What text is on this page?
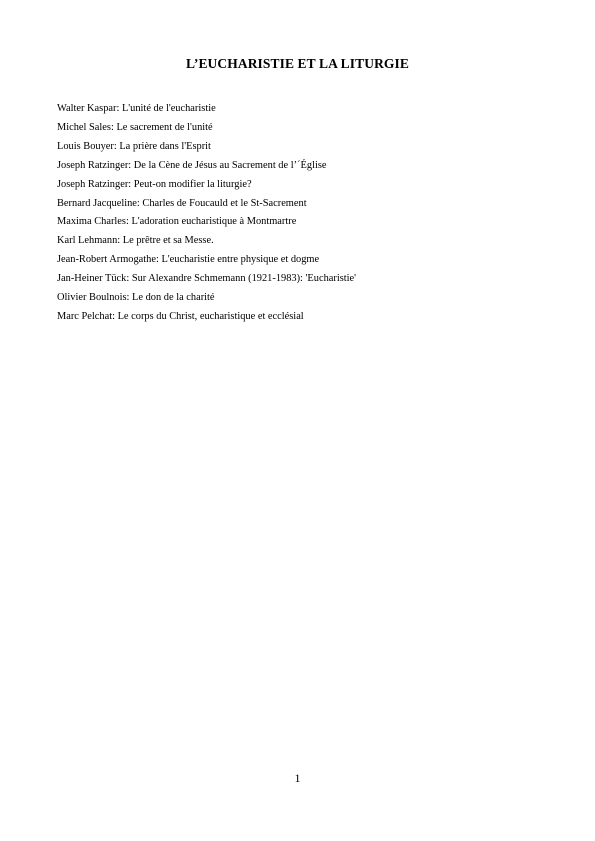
L’EUCHARISTIE ET LA LITURGIE
Walter Kaspar: L'unité de l'eucharistie
Michel Sales: Le sacrement de l'unité
Louis Bouyer: La prière dans l'Esprit
Joseph Ratzinger: De la Cène de Jésus au Sacrement de l’´Église
Joseph Ratzinger: Peut-on modifier la liturgie?
Bernard Jacqueline: Charles de Foucauld et le St-Sacrement
Maxima Charles: L'adoration eucharistique à Montmartre
Karl Lehmann: Le prêtre et sa Messe.
Jean-Robert Armogathe: L'eucharistie entre physique et dogme
Jan-Heiner Tück: Sur Alexandre Schmemann (1921-1983): 'Eucharistie'
Olivier Boulnois: Le don de la charité
Marc Pelchat: Le corps du Christ, eucharistique et ecclésial
1
